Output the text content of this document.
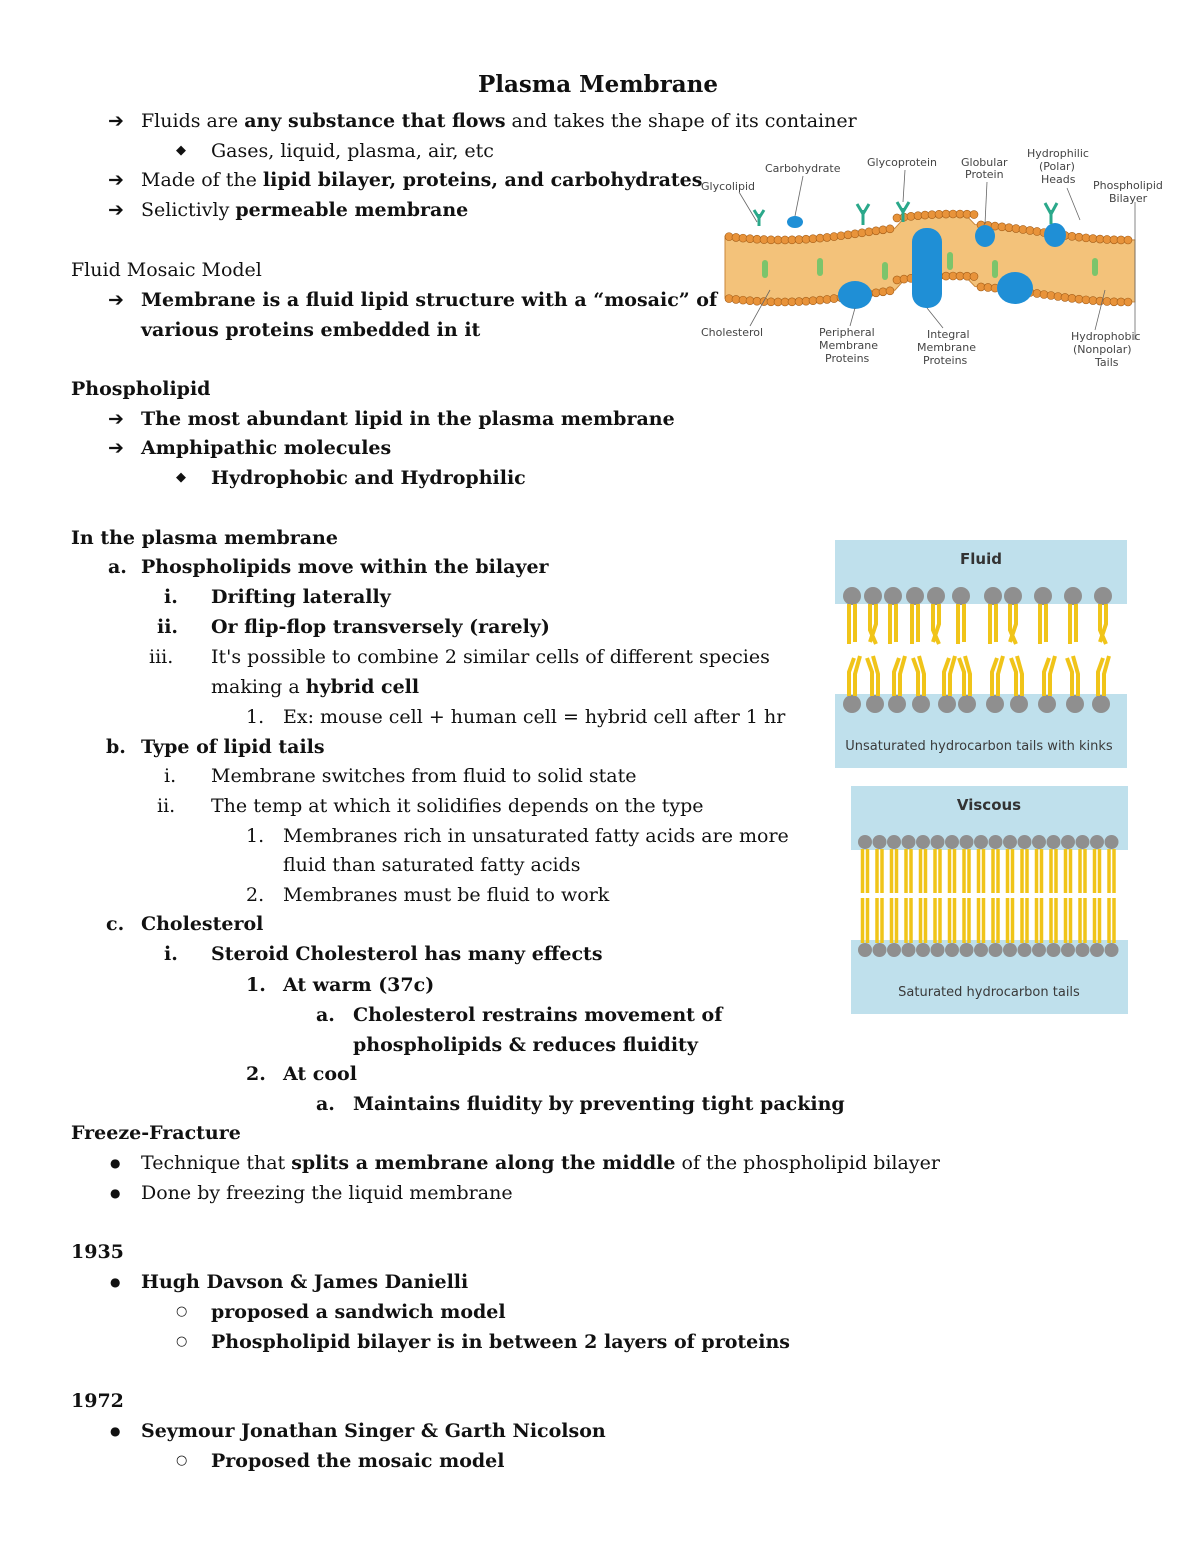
Plasma Membrane
➔ Fluids are any substance that flows and takes the shape of its container
◆ Gases, liquid, plasma, air, etc
➔ Made of the lipid bilayer, proteins, and carbohydrates
➔ Selictivly permeable membrane
Fluid Mosaic Model
➔ Membrane is a fluid lipid structure with a “mosaic” of
various proteins embedded in it
Phospholipid
➔ The most abundant lipid in the plasma membrane
➔ Amphipathic molecules
◆ Hydrophobic and Hydrophilic
In the plasma membrane
a. Phospholipids move within the bilayer
i. Drifting laterally
ii. Or flip-flop transversely (rarely)
iii. It's possible to combine 2 similar cells of different species
making a hybrid cell
1. Ex: mouse cell + human cell = hybrid cell after 1 hr
b. Type of lipid tails
i. Membrane switches from fluid to solid state
ii. The temp at which it solidifies depends on the type
1. Membranes rich in unsaturated fatty acids are more
fluid than saturated fatty acids
2. Membranes must be fluid to work
c. Cholesterol
i. Steroid Cholesterol has many effects
1. At warm (37c)
a. Cholesterol restrains movement of
phospholipids & reduces fluidity
2. At cool
a. Maintains fluidity by preventing tight packing
Freeze-Fracture
● Technique that splits a membrane along the middle of the phospholipid bilayer
● Done by freezing the liquid membrane
1935
● Hugh Davson & James Danielli
○ proposed a sandwich model
○ Phospholipid bilayer is in between 2 layers of proteins
1972
● Seymour Jonathan Singer & Garth Nicolson
○ Proposed the mosaic model
Glycolipid
Carbohydrate Glycoprotein Globular
Protein
Hydrophilic
(Polar)
Heads Phospholipid
Bilayer
Cholesterol	Peripheral
Membrane
Proteins
Integral
Membrane
Proteins
Hydrophobic
(Nonpolar)
Tails
Fluid
Unsaturated hydrocarbon tails with kinks
Viscous
Saturated hydrocarbon tails
